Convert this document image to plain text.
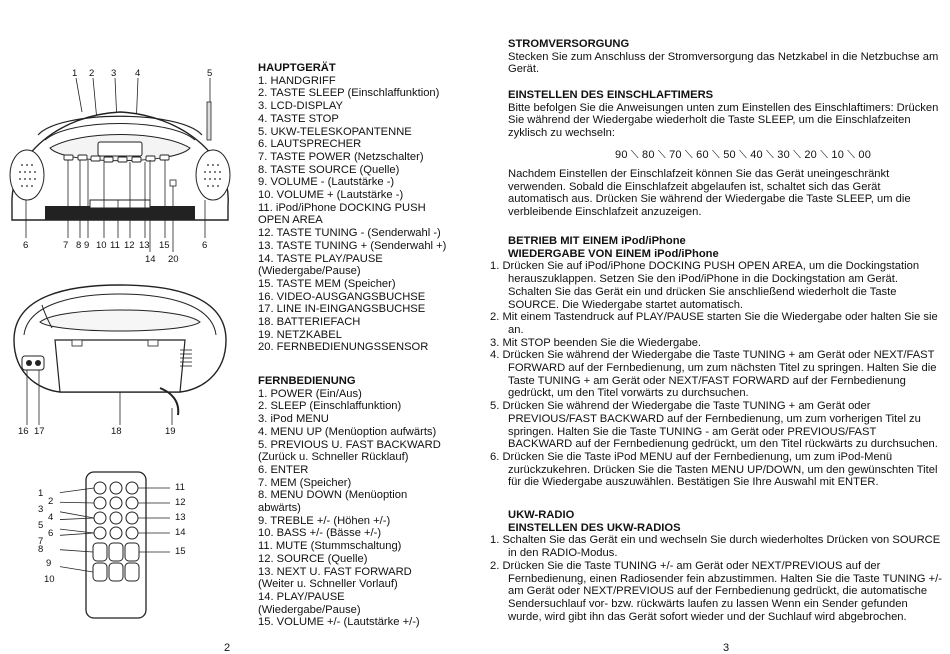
1 2 3 4	5
6	7 8 9 10 11 12 13 15	6
14 20
16 17	18	19
1
2
3
4
5
6
7
8
9
10
11
12
13
14
15
HAUPTGERÄT
1. HANDGRIFF
2. TASTE SLEEP (Einschlaffunktion)
3. LCD-DISPLAY
4. TASTE STOP
5. UKW-TELESKOPANTENNE
6. LAUTSPRECHER
7. TASTE POWER (Netzschalter)
8. TASTE SOURCE (Quelle)
9. VOLUME - (Lautstärke -)
10. VOLUME + (Lautstärke -)
11. iPod/iPhone DOCKING PUSH
OPEN AREA
12. TASTE TUNING - (Senderwahl -)
13. TASTE TUNING + (Senderwahl +)
14. TASTE PLAY/PAUSE
(Wiedergabe/Pause)
15. TASTE MEM (Speicher)
16. VIDEO-AUSGANGSBUCHSE
17. LINE IN-EINGANGSBUCHSE
18. BATTERIEFACH
19. NETZKABEL
20. FERNBEDIENUNGSSENSOR
FERNBEDIENUNG
1. POWER (Ein/Aus)
2. SLEEP (Einschlaffunktion)
3. iPod MENU
4. MENU UP (Menüoption aufwärts)
5. PREVIOUS U. FAST BACKWARD
(Zurück u. Schneller Rücklauf)
6. ENTER
7. MEM (Speicher)
8. MENU DOWN (Menüoption
abwärts)
9. TREBLE +/- (Höhen +/-)
10. BASS +/- (Bässe +/-)
11. MUTE (Stummschaltung)
12. SOURCE (Quelle)
13. NEXT U. FAST FORWARD
(Weiter u. Schneller Vorlauf)
14. PLAY/PAUSE
(Wiedergabe/Pause)
15. VOLUME +/- (Lautstärke +/-)
2
STROMVERSORGUNG
Stecken Sie zum Anschluss der Stromversorgung das Netzkabel in die Netzbuchse am Gerät.
EINSTELLEN DES EINSCHLAFTIMERS
Bitte befolgen Sie die Anweisungen unten zum Einstellen des Einschlaftimers: Drücken Sie während der Wiedergabe wiederholt die Taste SLEEP, um die Einschlafzeiten zyklisch zu wechseln:
90 ⟍ 80 ⟍ 70 ⟍ 60 ⟍ 50 ⟍ 40 ⟍ 30 ⟍ 20 ⟍ 10 ⟍ 00
Nachdem Einstellen der Einschlafzeit können Sie das Gerät uneingeschränkt verwenden. Sobald die Einschlafzeit abgelaufen ist, schaltet sich das Gerät automatisch aus. Drücken Sie während der Wiedergabe die Taste SLEEP, um die verbleibende Einschlafzeit anzuzeigen.
BETRIEB MIT EINEM iPod/iPhone
WIEDERGABE VON EINEM iPod/iPhone
1. Drücken Sie auf iPod/iPhone DOCKING PUSH OPEN AREA, um die Dockingstation herauszuklappen. Setzen Sie den iPod/iPhone in die Dockingstation am Gerät. Schalten Sie das Gerät ein und drücken Sie anschließend wiederholt die Taste SOURCE. Die Wiedergabe startet automatisch.
2. Mit einem Tastendruck auf PLAY/PAUSE starten Sie die Wiedergabe oder halten Sie sie an.
3. Mit STOP beenden Sie die Wiedergabe.
4. Drücken Sie während der Wiedergabe die Taste TUNING + am Gerät oder NEXT/FAST FORWARD auf der Fernbedienung, um zum nächsten Titel zu springen. Halten Sie die Taste TUNING + am Gerät oder NEXT/FAST FORWARD auf der Fernbedienung gedrückt, um den Titel vorwärts zu durchsuchen.
5. Drücken Sie während der Wiedergabe die Taste TUNING + am Gerät oder PREVIOUS/FAST BACKWARD auf der Fernbedienung, um zum vorherigen Titel zu springen. Halten Sie die Taste TUNING - am Gerät oder PREVIOUS/FAST BACKWARD auf der Fernbedienung gedrückt, um den Titel rückwärts zu durchsuchen.
6. Drücken Sie die Taste iPod MENU auf der Fernbedienung, um zum iPod-Menü zurückzukehren. Drücken Sie die Tasten MENU UP/DOWN, um den gewünschten Titel für die Wiedergabe auszuwählen. Bestätigen Sie Ihre Auswahl mit ENTER.
UKW-RADIO
EINSTELLEN DES UKW-RADIOS
1. Schalten Sie das Gerät ein und wechseln Sie durch wiederholtes Drücken von SOURCE in den RADIO-Modus.
2. Drücken Sie die Taste TUNING +/- am Gerät oder NEXT/PREVIOUS auf der Fernbedienung, einen Radiosender fein abzustimmen. Halten Sie die Taste TUNING +/- am Gerät oder NEXT/PREVIOUS auf der Fernbedienung gedrückt, die automatische Sendersuchlauf vor- bzw. rückwärts laufen zu lassen Wenn ein Sender gefunden wurde, wird gibt ihn das Gerät sofort wieder und der Suchlauf wird abgebrochen.
3
